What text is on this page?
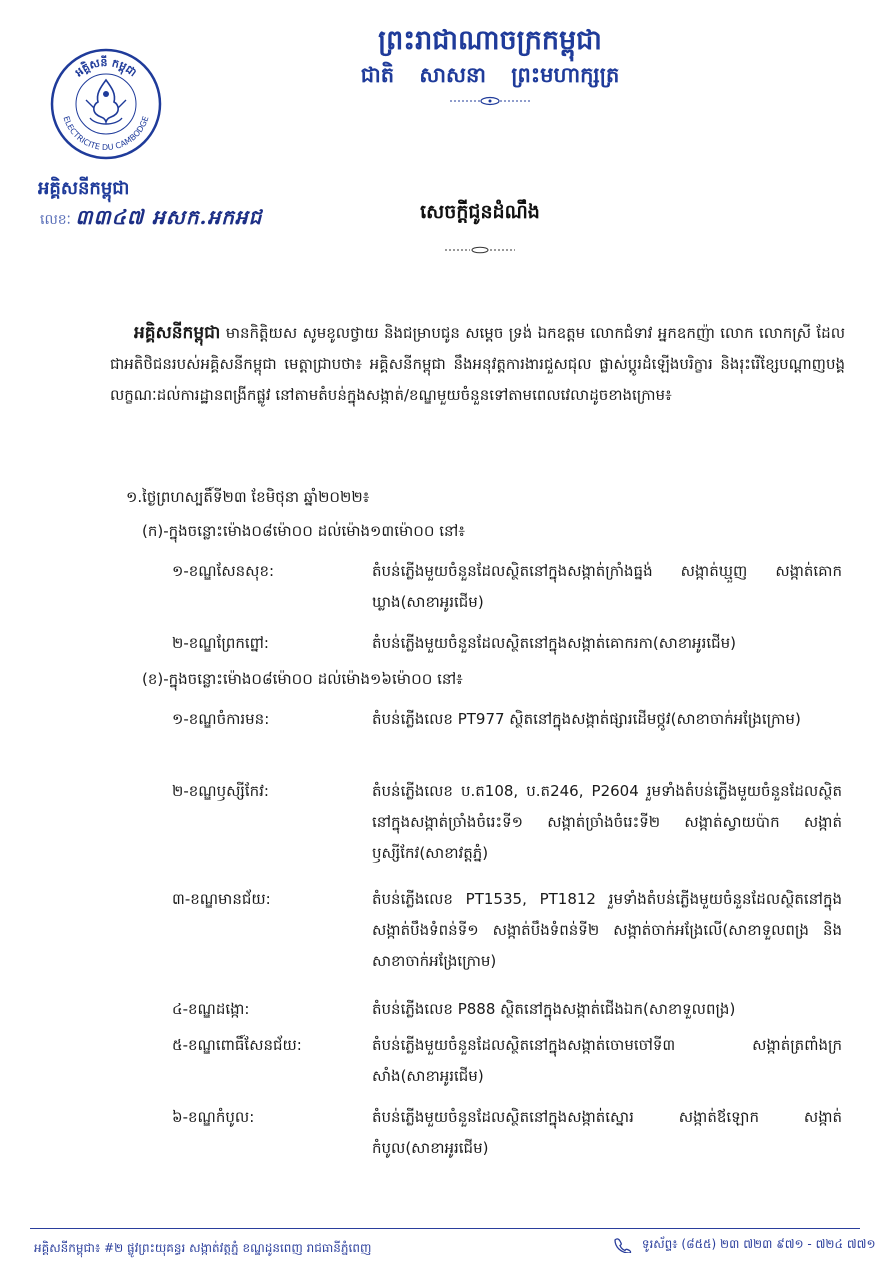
ព្រះរាជាណាចក្រកម្ពុជា
ជាតិ សាសនា ព្រះមហាក្សត្រ
អគ្គិសនី កម្ពុជា
ELECTRICITE DU CAMBODGE
អគ្គិសនីកម្ពុជា
លេខៈ ៣៣៤៧ អសក.អកអជ	សេចក្តីជូនដំណឹង
អគ្គិសនីកម្ពុជា មានកិត្តិយស សូមខូលថ្វាយ និងជម្រាបជូន សម្តេច ទ្រង់ ឯកឧត្តម លោកជំទាវ អ្នកឧកញ៉ា លោក លោកស្រី ដែលជាអតិថិជនរបស់អគ្គិសនីកម្ពុជា មេត្តាជ្រាបថា៖ អគ្គិសនីកម្ពុជា នឹងអនុវត្តការងារជួសជុល ផ្លាស់ប្តូរដំឡើងបរិក្ខារ និងរុះរើខ្សែបណ្តាញបង្គលក្ខណៈដល់ការដ្ឋានពង្រីកផ្លូវ នៅតាមតំបន់ក្នុងសង្កាត់/ខណ្ឌមួយចំនួនទៅតាមពេលវេលាដូចខាងក្រោម៖
១.ថ្ងៃព្រហស្បតិ៍ទី២៣ ខែមិថុនា ឆ្នាំ២០២២៖
(ក)-ក្នុងចន្លោះម៉ោង០៨ម៉ោ០០ ដល់ម៉ោង១៣ម៉ោ០០ នៅ៖
១-ខណ្ឌសែនសុខ:	តំបន់ភ្លើងមួយចំនួនដែលស្ថិតនៅក្នុងសង្កាត់ក្រាំងធ្នង់ សង្កាត់ឃ្មួញ សង្កាត់គោកឃ្លាង(សាខាអូរជើម)
២-ខណ្ឌព្រែកព្នៅ:	តំបន់ភ្លើងមួយចំនួនដែលស្ថិតនៅក្នុងសង្កាត់គោករកា(សាខាអូរជើម)
(ខ)-ក្នុងចន្លោះម៉ោង០៨ម៉ោ០០ ដល់ម៉ោង១៦ម៉ោ០០ នៅ៖
១-ខណ្ឌចំការមន:	តំបន់ភ្លើងលេខ PT977 ស្ថិតនៅក្នុងសង្កាត់ផ្សារដើមថ្កូវ(សាខាចាក់អង្រែក្រោម)
២-ខណ្ឌឫស្សីកែវ:	តំបន់ភ្លើងលេខ ប.ត108, ប.ត246, P2604 រួមទាំងតំបន់ភ្លើងមួយចំនួនដែលស្ថិតនៅក្នុងសង្កាត់ច្រាំងចំរេះទី១ សង្កាត់ច្រាំងចំរេះទី២ សង្កាត់ស្វាយប៉ាក សង្កាត់ឫស្សីកែវ(សាខាវត្តភ្នំ)
៣-ខណ្ឌមានជ័យ:	តំបន់ភ្លើងលេខ PT1535, PT1812 រួមទាំងតំបន់ភ្លើងមួយចំនួនដែលស្ថិតនៅក្នុងសង្កាត់បឹងទំពន់ទី១ សង្កាត់បឹងទំពន់ទី២ សង្កាត់ចាក់អង្រែលើ(សាខាទួលពង្រ និងសាខាចាក់អង្រែក្រោម)
៤-ខណ្ឌដង្កោ:	តំបន់ភ្លើងលេខ P888 ស្ថិតនៅក្នុងសង្កាត់ជើងឯក(សាខាទួលពង្រ)
៥-ខណ្ឌពោធិ៍សែនជ័យ:	តំបន់ភ្លើងមួយចំនួនដែលស្ថិតនៅក្នុងសង្កាត់ចោមចៅទី៣ សង្កាត់ត្រពាំងក្រសាំង(សាខាអូរជើម)
៦-ខណ្ឌកំបូល:	តំបន់ភ្លើងមួយចំនួនដែលស្ថិតនៅក្នុងសង្កាត់ស្នោរ សង្កាត់ឪឡោក សង្កាត់កំបូល(សាខាអូរជើម)
អគ្គិសនីកម្ពុជា៖ #២ ផ្លូវព្រះយុគន្ធរ សង្កាត់វត្តភ្នំ ខណ្ឌដូនពេញ រាជធានីភ្នំពេញ	ទូរស័ព្ទ៖ (៨៥៥) ២៣ ៧២៣ ៩៧១ - ៧២៤ ៧៧១
